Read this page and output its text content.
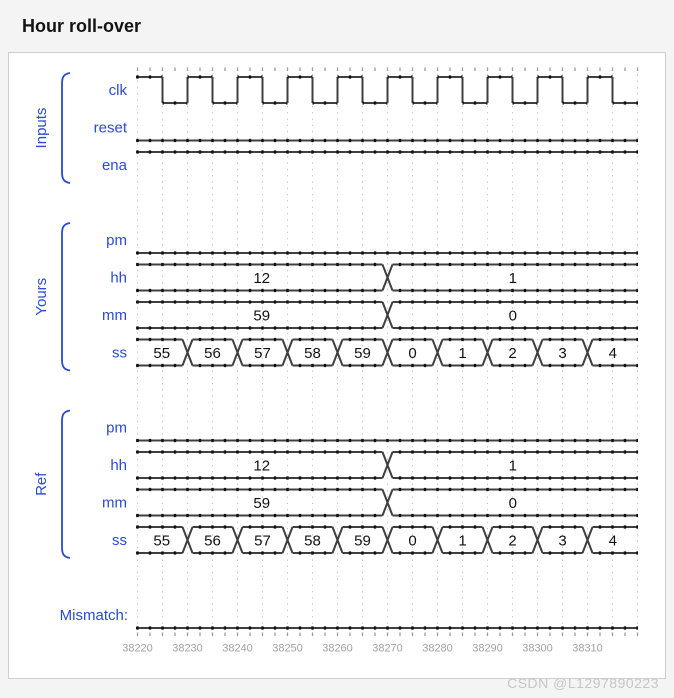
Hour roll-over
clk
reset
ena
Inputs
pm
hh	12	1
mm	59	0
ss 55 56 57 58 59 0	1	2	3	4
Yours
pm
hh	12	1
mm	59	0
ss 55 56 57 58 59 0	1	2	3	4
Ref
Mismatch:
38220 38230 38240 38250 38260 38270 38280 38290 38300 38310
CSDN @L1297890223
